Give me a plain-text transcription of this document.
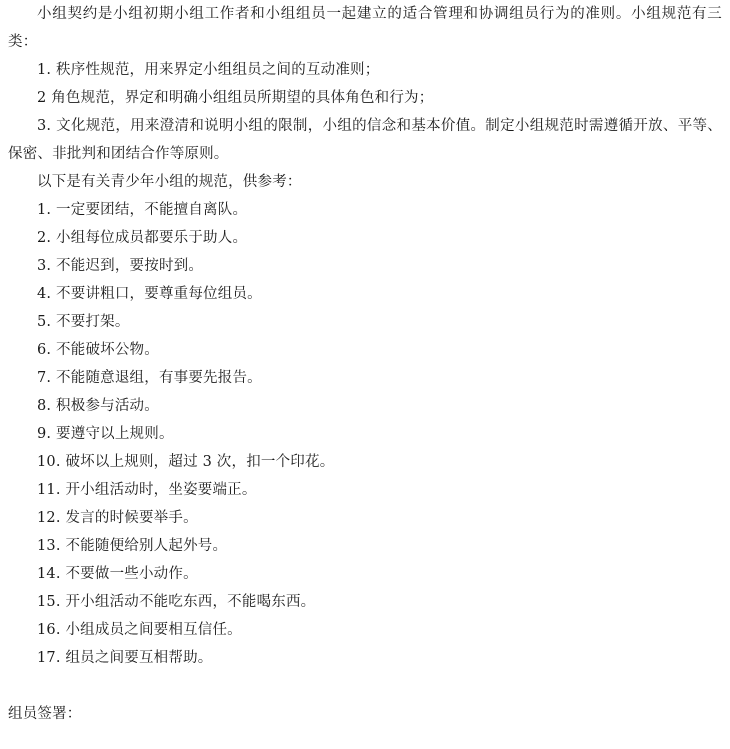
小组契约是小组初期小组工作者和小组组员一起建立的适合管理和协调组员行为的准则。小组规范有三类：
1. 秩序性规范，用来界定小组组员之间的互动准则；
2 角色规范，界定和明确小组组员所期望的具体角色和行为；
3. 文化规范，用来澄清和说明小组的限制，小组的信念和基本价值。制定小组规范时需遵循开放、平等、保密、非批判和团结合作等原则。
以下是有关青少年小组的规范，供参考：
1. 一定要团结，不能擅自离队。
2. 小组每位成员都要乐于助人。
3. 不能迟到，要按时到。
4. 不要讲粗口，要尊重每位组员。
5. 不要打架。
6. 不能破坏公物。
7. 不能随意退组，有事要先报告。
8. 积极参与活动。
9. 要遵守以上规则。
10. 破坏以上规则，超过 3 次，扣一个印花。
11. 开小组活动时，坐姿要端正。
12. 发言的时候要举手。
13. 不能随便给别人起外号。
14. 不要做一些小动作。
15. 开小组活动不能吃东西，不能喝东西。
16. 小组成员之间要相互信任。
17. 组员之间要互相帮助。
组员签署：
